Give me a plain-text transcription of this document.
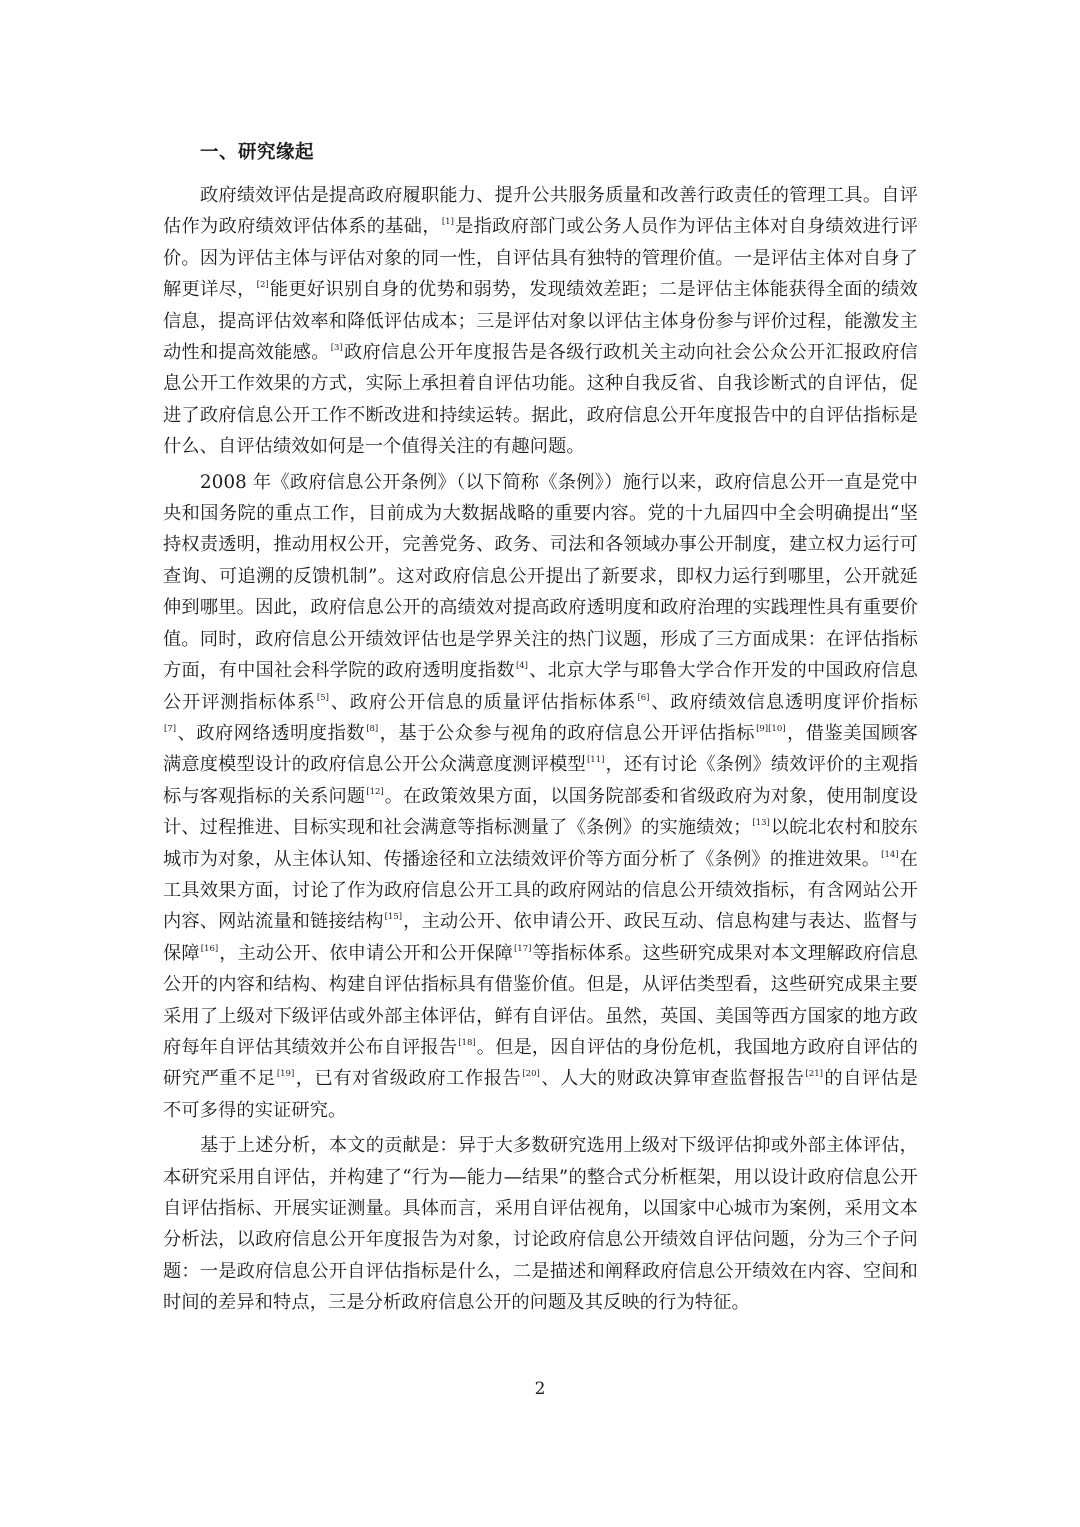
一、研究缘起

政府绩效评估是提高政府履职能力、提升公共服务质量和改善行政责任的管理工具。自评估作为政府绩效评估体系的基础，[1]是指政府部门或公务人员作为评估主体对自身绩效进行评价。因为评估主体与评估对象的同一性，自评估具有独特的管理价值。一是评估主体对自身了解更详尽，[2]能更好识别自身的优势和弱势，发现绩效差距；二是评估主体能获得全面的绩效信息，提高评估效率和降低评估成本；三是评估对象以评估主体身份参与评价过程，能激发主动性和提高效能感。[3]政府信息公开年度报告是各级行政机关主动向社会公众公开汇报政府信息公开工作效果的方式，实际上承担着自评估功能。这种自我反省、自我诊断式的自评估，促进了政府信息公开工作不断改进和持续运转。据此，政府信息公开年度报告中的自评估指标是什么、自评估绩效如何是一个值得关注的有趣问题。

2008 年《政府信息公开条例》（以下简称《条例》）施行以来，政府信息公开一直是党中央和国务院的重点工作，目前成为大数据战略的重要内容。党的十九届四中全会明确提出“坚持权责透明，推动用权公开，完善党务、政务、司法和各领域办事公开制度，建立权力运行可查询、可追溯的反馈机制”。这对政府信息公开提出了新要求，即权力运行到哪里，公开就延伸到哪里。因此，政府信息公开的高绩效对提高政府透明度和政府治理的实践理性具有重要价值。同时，政府信息公开绩效评估也是学界关注的热门议题，形成了三方面成果：在评估指标方面，有中国社会科学院的政府透明度指数[4]、北京大学与耶鲁大学合作开发的中国政府信息公开评测指标体系[5]、政府公开信息的质量评估指标体系[6]、政府绩效信息透明度评价指标[7]、政府网络透明度指数[8]，基于公众参与视角的政府信息公开评估指标[9][10]，借鉴美国顾客满意度模型设计的政府信息公开公众满意度测评模型[11]，还有讨论《条例》绩效评价的主观指标与客观指标的关系问题[12]。在政策效果方面，以国务院部委和省级政府为对象，使用制度设计、过程推进、目标实现和社会满意等指标测量了《条例》的实施绩效；[13]以皖北农村和胶东城市为对象，从主体认知、传播途径和立法绩效评价等方面分析了《条例》的推进效果。[14]在工具效果方面，讨论了作为政府信息公开工具的政府网站的信息公开绩效指标，有含网站公开内容、网站流量和链接结构[15]，主动公开、依申请公开、政民互动、信息构建与表达、监督与保障[16]，主动公开、依申请公开和公开保障[17]等指标体系。这些研究成果对本文理解政府信息公开的内容和结构、构建自评估指标具有借鉴价值。但是，从评估类型看，这些研究成果主要采用了上级对下级评估或外部主体评估，鲜有自评估。虽然，英国、美国等西方国家的地方政府每年自评估其绩效并公布自评报告[18]。但是，因自评估的身份危机，我国地方政府自评估的研究严重不足[19]，已有对省级政府工作报告[20]、人大的财政决算审查监督报告[21]的自评估是不可多得的实证研究。

基于上述分析，本文的贡献是：异于大多数研究选用上级对下级评估抑或外部主体评估，本研究采用自评估，并构建了“行为—能力—结果”的整合式分析框架，用以设计政府信息公开自评估指标、开展实证测量。具体而言，采用自评估视角，以国家中心城市为案例，采用文本分析法，以政府信息公开年度报告为对象，讨论政府信息公开绩效自评估问题，分为三个子问题：一是政府信息公开自评估指标是什么，二是描述和阐释政府信息公开绩效在内容、空间和时间的差异和特点，三是分析政府信息公开的问题及其反映的行为特征。

2
